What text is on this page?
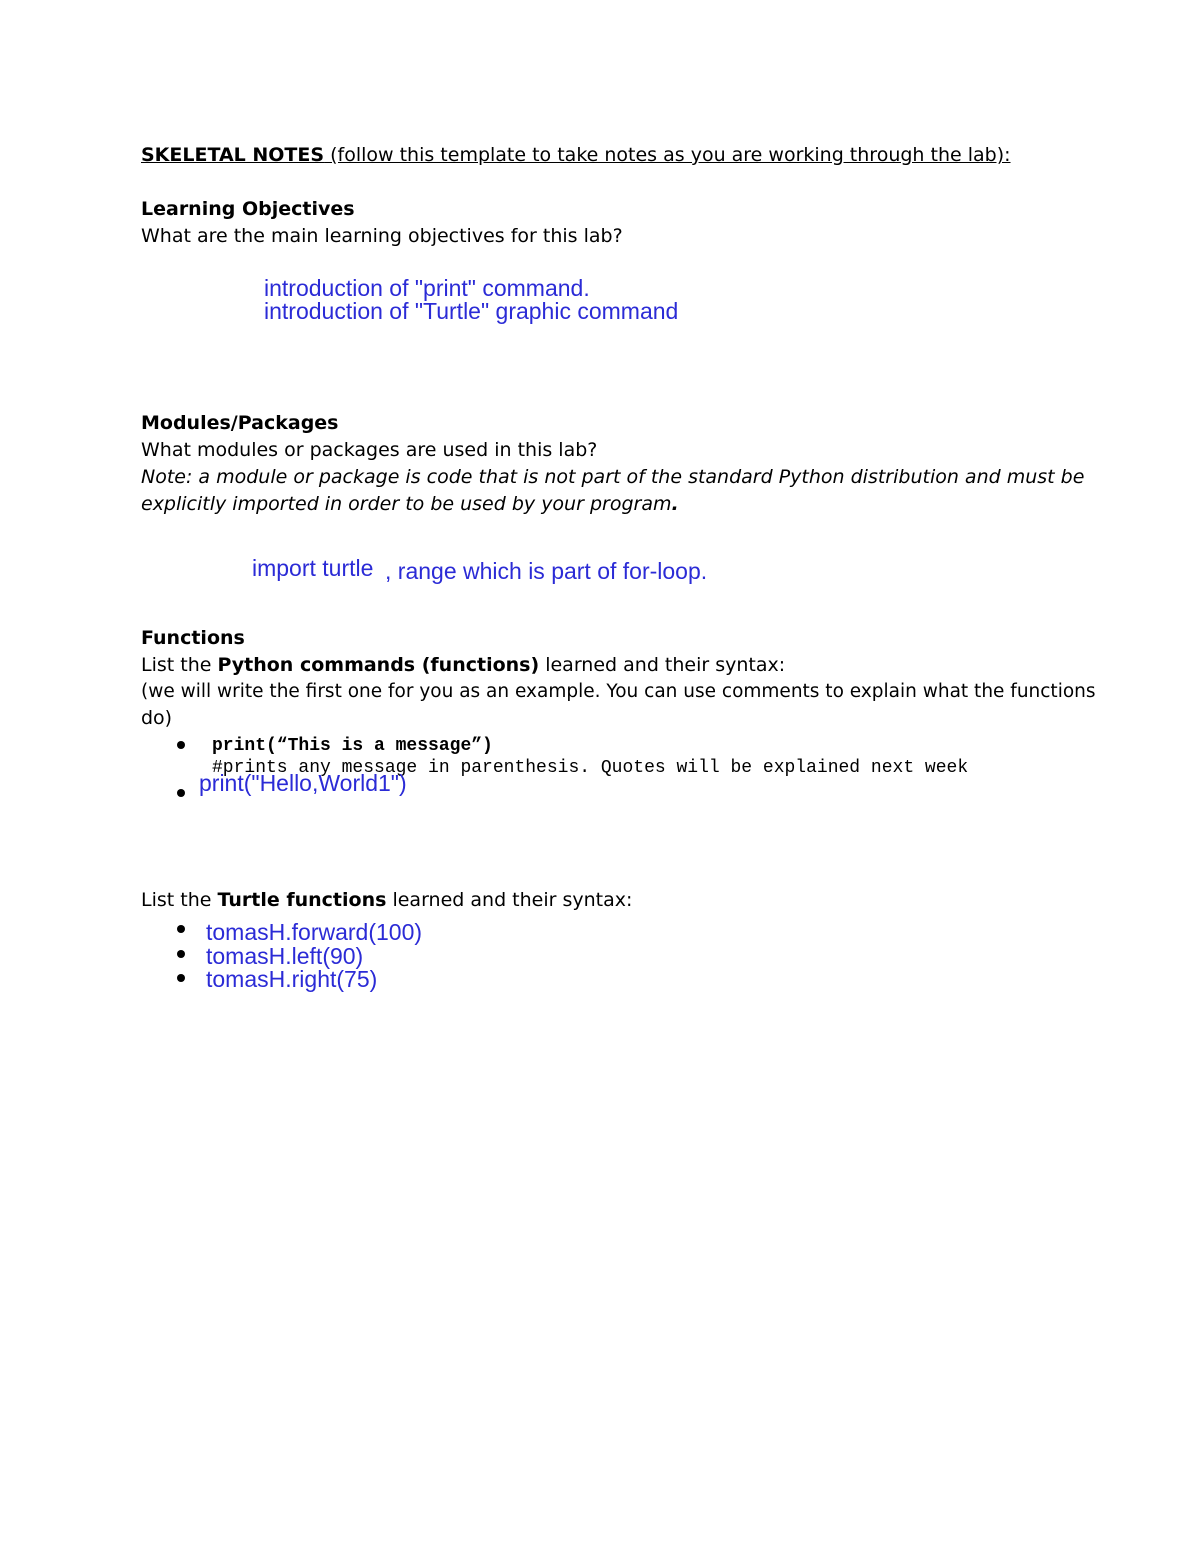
SKELETAL NOTES (follow this template to take notes as you are working through the lab):
Learning Objectives
What are the main learning objectives for this lab?
introduction of "print" command.
introduction of "Turtle" graphic command
Modules/Packages
What modules or packages are used in this lab?
Note: a module or package is code that is not part of the standard Python distribution and must be
explicitly imported in order to be used by your program.
import turtle , range which is part of for-loop.
Functions
List the Python commands (functions) learned and their syntax:
(we will write the first one for you as an example. You can use comments to explain what the functions
do)
print(“This is a message”)
#prints any message in parenthesis. Quotes will be explained next week
print("Hello,World1")
List the Turtle functions learned and their syntax:
tomasH.forward(100)
tomasH.left(90)
tomasH.right(75)
